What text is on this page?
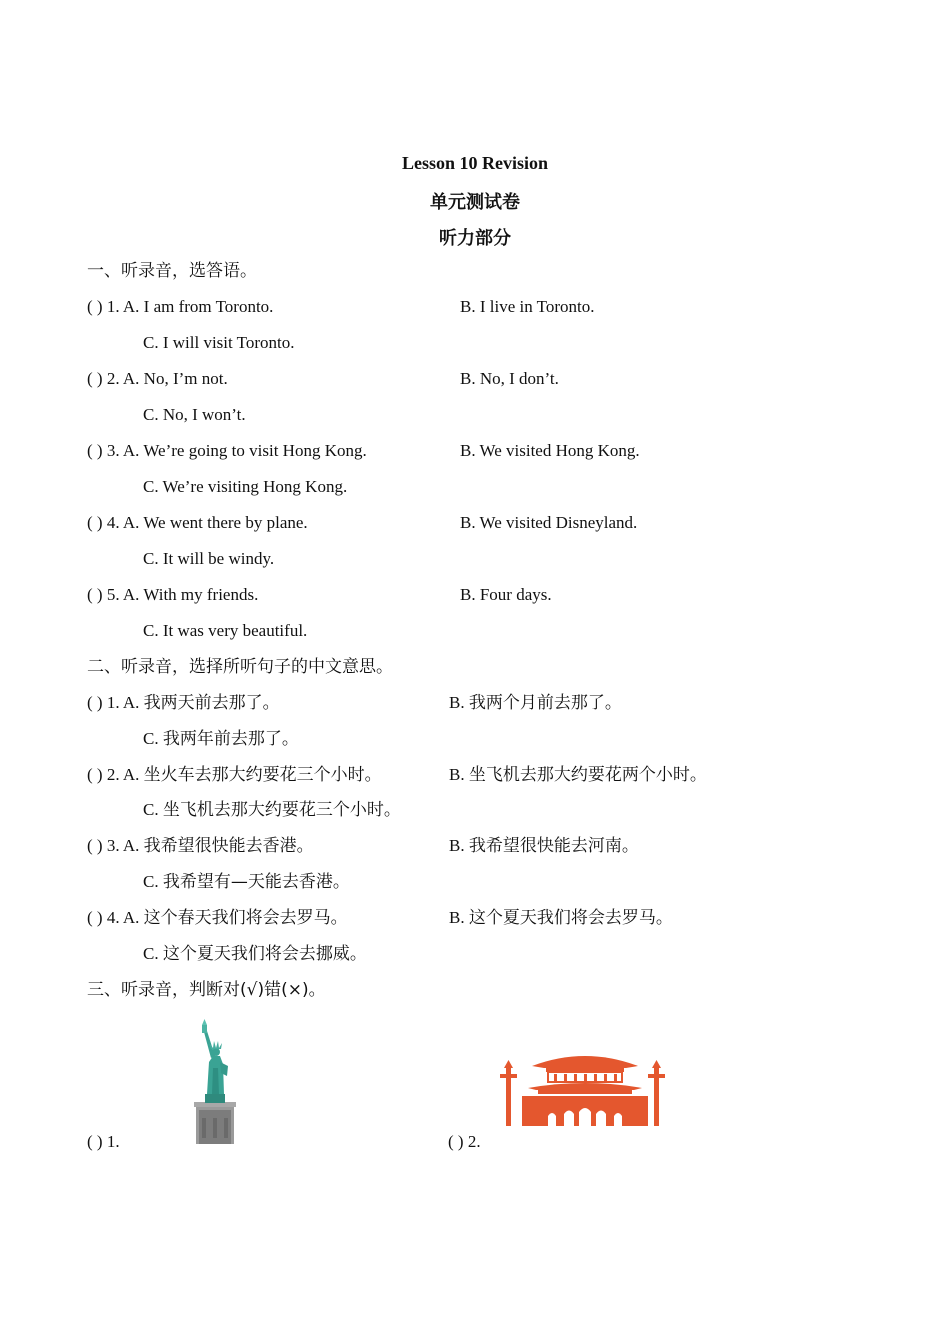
Lesson 10 Revision
单元测试卷
听力部分
一、听录音，选答语。
( ) 1. A. I am from Toronto.	B. I live in Toronto.
C. I will visit Toronto.
( ) 2. A. No, I’m not.	B. No, I don’t.
C. No, I won’t.
( ) 3. A. We’re going to visit Hong Kong.	B. We visited Hong Kong.
C. We’re visiting Hong Kong.
( ) 4. A. We went there by plane.	B. We visited Disneyland.
C. It will be windy.
( ) 5. A. With my friends.	B. Four days.
C. It was very beautiful.
二、听录音，选择所听句子的中文意思。
( ) 1. A. 我两天前去那了。	B. 我两个月前去那了。
C. 我两年前去那了。
( ) 2. A. 坐火车去那大约要花三个小时。	B. 坐飞机去那大约要花两个小时。
C. 坐飞机去那大约要花三个小时。
( ) 3. A. 我希望很快能去香港。	B. 我希望很快能去河南。
C. 我希望有—天能去香港。
( ) 4. A. 这个春天我们将会去罗马。	B. 这个夏天我们将会去罗马。
C. 这个夏天我们将会去挪威。
三、听录音，判断对(√)错(×)。
( ) 1.	( ) 2.
